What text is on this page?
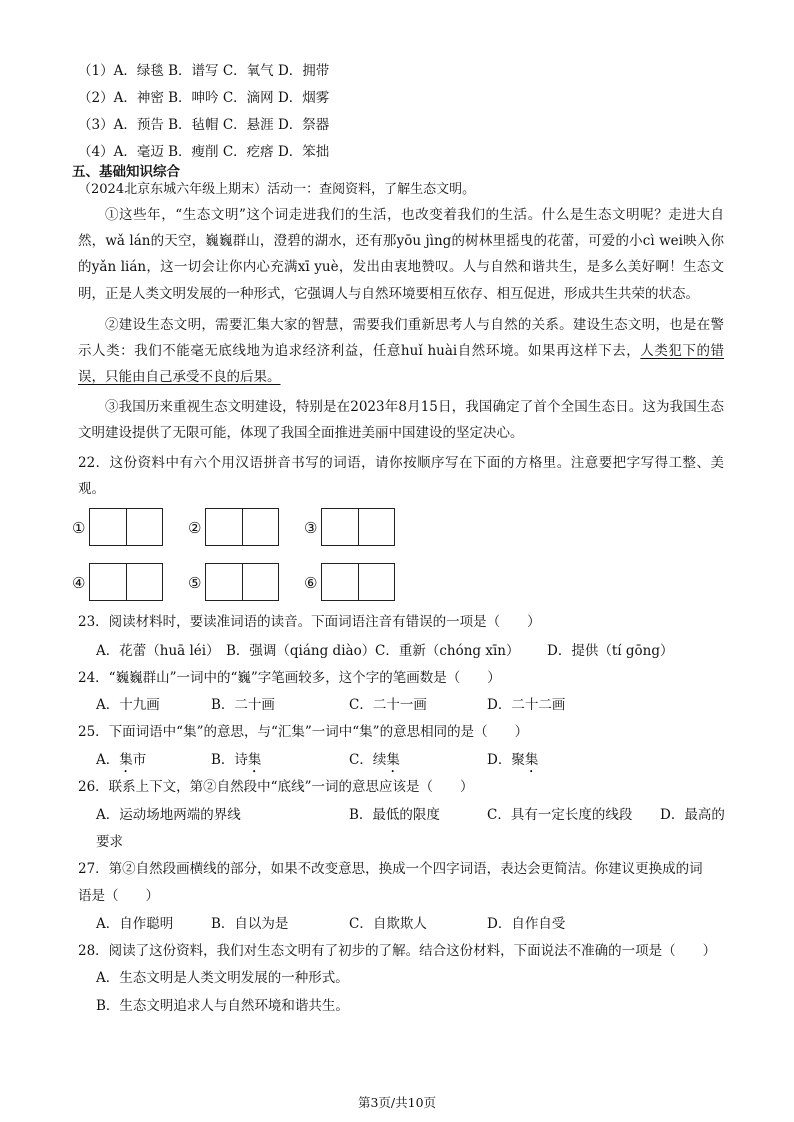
（1）A．绿毯 B．谱写 C．氧气 D．拥带
（2）A．神密 B．呻吟 C．滴网 D．烟雾
（3）A．预告 B．毡帽 C．悬涯 D．祭器
（4）A．毫迈 B．瘦削 C．疙瘩 D．笨拙
五、基础知识综合
（2024北京东城六年级上期末）活动一：查阅资料，了解生态文明。
①这些年，“生态文明”这个词走进我们的生活，也改变着我们的生活。什么是生态文明呢？走进大自然，wǎ lán的天空，巍巍群山，澄碧的湖水，还有那yōu jìng的树林里摇曳的花蕾，可爱的小cì wei映入你的yǎn lián，这一切会让你内心充满xī yuè，发出由衷地赞叹。人与自然和谐共生，是多么美好啊！生态文明，正是人类文明发展的一种形式，它强调人与自然环境要相互依存、相互促进，形成共生共荣的状态。
②建设生态文明，需要汇集大家的智慧，需要我们重新思考人与自然的关系。建设生态文明，也是在警示人类：我们不能毫无底线地为追求经济利益，任意huǐ huài自然环境。如果再这样下去，人类犯下的错误，只能由自己承受不良的后果。
③我国历来重视生态文明建设，特别是在2023年8月15日，我国确定了首个全国生态日。这为我国生态文明建设提供了无限可能，体现了我国全面推进美丽中国建设的坚定决心。
22．这份资料中有六个用汉语拼音书写的词语，请你按顺序写在下面的方格里。注意要把字写得工整、美观。
①	②	③
④	⑤	⑥
23．阅读材料时，要读准词语的读音。下面词语注音有错误的一项是（　　）
A．花蕾（huā léi） B．强调（qiáng diào） C．重新（chóng xīn） D．提供（tí gōng）
24．“巍巍群山”一词中的“巍”字笔画较多，这个字的笔画数是（　　）
A．十九画	B．二十画	C．二十一画	D．二十二画
25．下面词语中“集”的意思，与“汇集”一词中“集”的意思相同的是（　　）
A．集市	B．诗集	C．续集	D．聚集
26．联系上下文，第②自然段中“底线”一词的意思应该是（　　）
A．运动场地两端的界线	B．最低的限度	C．具有一定长度的线段 D．最高的
要求
27．第②自然段画横线的部分，如果不改变意思，换成一个四字词语，表达会更简洁。你建议更换成的词
语是（　　）
A．自作聪明	B．自以为是	C．自欺欺人	D．自作自受
28．阅读了这份资料，我们对生态文明有了初步的了解。结合这份材料，下面说法不准确的一项是（　　）
A．生态文明是人类文明发展的一种形式。
B．生态文明追求人与自然环境和谐共生。
第3页/共10页
